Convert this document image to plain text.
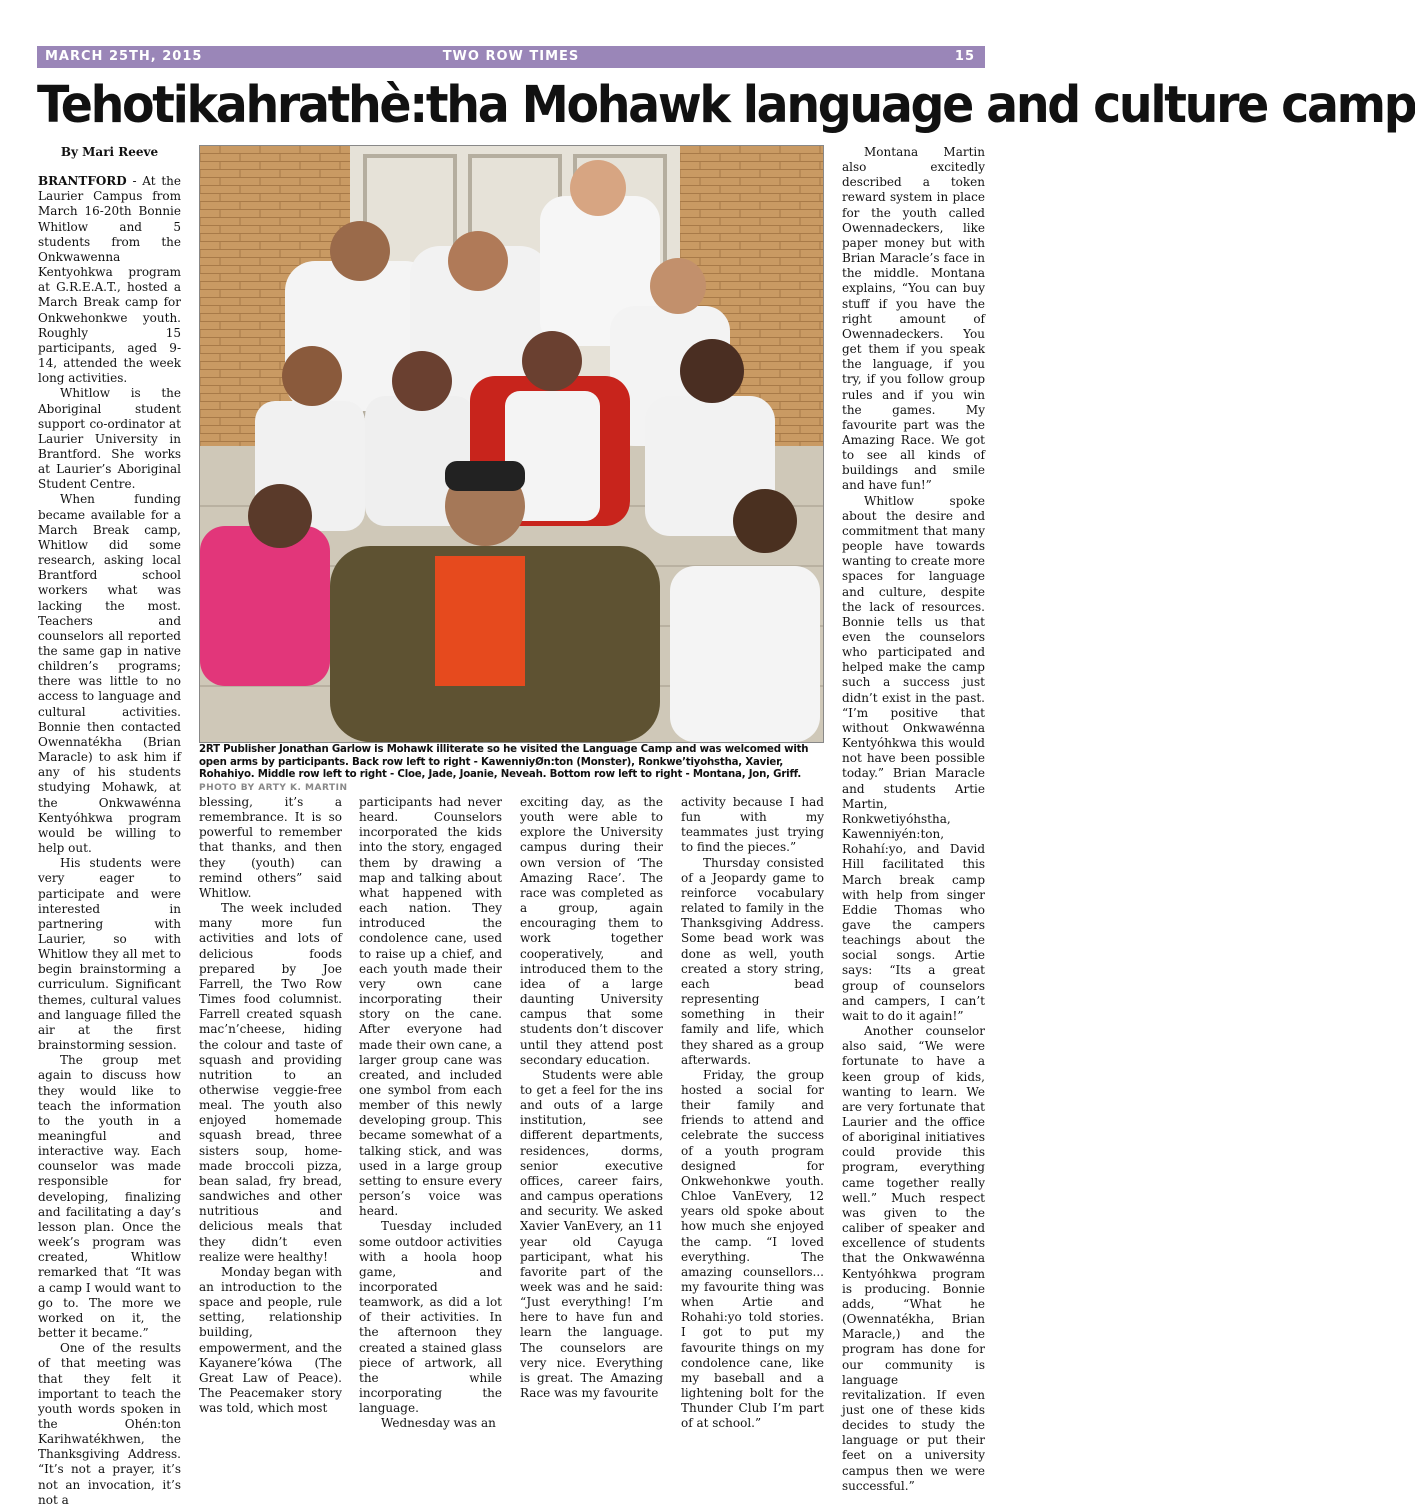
TWO ROW TIMES
MARCH 25TH, 2015	15
Tehotikahrathè:tha Mohawk language and culture camp

By Mari Reeve

BRANTFORD - At the Laurier Campus from March 16-20th Bonnie Whitlow and 5 students from the Onkwawenna Kentyohkwa program at G.R.E.A.T., hosted a March Break camp for Onkwehonkwe youth. Roughly 15 participants, aged 9-14, attended the week long activities.

Whitlow is the Aboriginal student support co-ordinator at Laurier University in Brantford. She works at Laurier’s Aboriginal Student Centre.

When funding became available for a March Break camp, Whitlow did some research, asking local Brantford school workers what was lacking the most. Teachers and counselors all reported the same gap in native children’s programs; there was little to no access to language and cultural activities. Bonnie then contacted Owennatékha (Brian Maracle) to ask him if any of his students studying Mohawk, at the Onkwawénna Kentyóhkwa program would be willing to help out.

His students were very eager to participate and were interested in partnering with Laurier, so with Whitlow they all met to begin brainstorming a curriculum. Significant themes, cultural values and language filled the air at the first brainstorming session.

The group met again to discuss how they would like to teach the information to the youth in a meaningful and interactive way. Each counselor was made responsible for developing, finalizing and facilitating a day’s lesson plan. Once the week’s program was created, Whitlow remarked that “It was a camp I would want to go to. The more we worked on it, the better it became.”

One of the results of that meeting was that they felt it important to teach the youth words spoken in the Ohén:ton Karihwatékhwen, the Thanksgiving Address. “It’s not a prayer, it’s not an invocation, it’s not a

blessing, it’s a remembrance. It is so powerful to remember that thanks, and then they (youth) can remind others” said Whitlow.

The week included many more fun activities and lots of delicious foods prepared by Joe Farrell, the Two Row Times food columnist. Farrell created squash mac’n’cheese, hiding the colour and taste of squash and providing nutrition to an otherwise veggie-free meal. The youth also enjoyed homemade squash bread, three sisters soup, home-made broccoli pizza, bean salad, fry bread, sandwiches and other nutritious and delicious meals that they didn’t even realize were healthy!

Monday began with an introduction to the space and people, rule setting, relationship building, empowerment, and the Kayanere’kówa (The Great Law of Peace). The Peacemaker story was told, which most

participants had never heard. Counselors incorporated the kids into the story, engaged them by drawing a map and talking about what happened with each nation. They introduced the condolence cane, used to raise up a chief, and each youth made their very own cane incorporating their story on the cane. After everyone had made their own cane, a larger group cane was created, and included one symbol from each member of this newly developing group. This became somewhat of a talking stick, and was used in a large group setting to ensure every person’s voice was heard.

Tuesday included some outdoor activities with a hoola hoop game, and incorporated teamwork, as did a lot of their activities. In the afternoon they created a stained glass piece of artwork, all the while incorporating the language.

Wednesday was an

exciting day, as the youth were able to explore the University campus during their own version of ‘The Amazing Race’. The race was completed as a group, again encouraging them to work together cooperatively, and introduced them to the idea of a large daunting University campus that some students don’t discover until they attend post secondary education.

Students were able to get a feel for the ins and outs of a large institution, see different departments, residences, dorms, senior executive offices, career fairs, and campus operations and security. We asked Xavier VanEvery, an 11 year old Cayuga participant, what his favorite part of the week was and he said: “Just everything! I’m here to have fun and learn the language. The counselors are very nice. Everything is great. The Amazing Race was my favourite

activity because I had fun with my teammates just trying to find the pieces.”

Thursday consisted of a Jeopardy game to reinforce vocabulary related to family in the Thanksgiving Address. Some bead work was done as well, youth created a story string, each bead representing something in their family and life, which they shared as a group afterwards.

Friday, the group hosted a social for their family and friends to attend and celebrate the success of a youth program designed for Onkwehonkwe youth. Chloe VanEvery, 12 years old spoke about how much she enjoyed the camp. “I loved everything. The amazing counsellors... my favourite thing was when Artie and Rohahi:yo told stories. I got to put my favourite things on my condolence cane, like my baseball and a lightening bolt for the Thunder Club I’m part of at school.”

Montana Martin also excitedly described a token reward system in place for the youth called Owennadeckers, like paper money but with Brian Maracle’s face in the middle. Montana explains, “You can buy stuff if you have the right amount of Owennadeckers. You get them if you speak the language, if you try, if you follow group rules and if you win the games. My favourite part was the Amazing Race. We got to see all kinds of buildings and smile and have fun!”

Whitlow spoke about the desire and commitment that many people have towards wanting to create more spaces for language and culture, despite the lack of resources. Bonnie tells us that even the counselors who participated and helped make the camp such a success just didn’t exist in the past. “I’m positive that without Onkwawénna Kentyóhkwa this would not have been possible today.” Brian Maracle and students Artie Martin, Ronkwetiyóhstha, Kawenniyén:ton, Rohahí:yo, and David Hill facilitated this March break camp with help from singer Eddie Thomas who gave the campers teachings about the social songs. Artie says: “Its a great group of counselors and campers, I can’t wait to do it again!”

Another counselor also said, “We were fortunate to have a keen group of kids, wanting to learn. We are very fortunate that Laurier and the office of aboriginal initiatives could provide this program, everything came together really well.” Much respect was given to the caliber of speaker and excellence of students that the Onkwawénna Kentyóhkwa program is producing. Bonnie adds, “What he (Owennatékha, Brian Maracle,) and the program has done for our community is language revitalization. If even just one of these kids decides to study the language or put their feet on a university campus then we were successful.”

2RT Publisher Jonathan Garlow is Mohawk illiterate so he visited the Language Camp and was welcomed with open arms by participants. Back row left to right - KawenniyØn:ton (Monster), Ronkwe’tiyohstha, Xavier, Rohahiyo. Middle row left to right - Cloe, Jade, Joanie, Neveah. Bottom row left to right - Montana, Jon, Griff. PHOTO BY ARTY K. MARTIN
